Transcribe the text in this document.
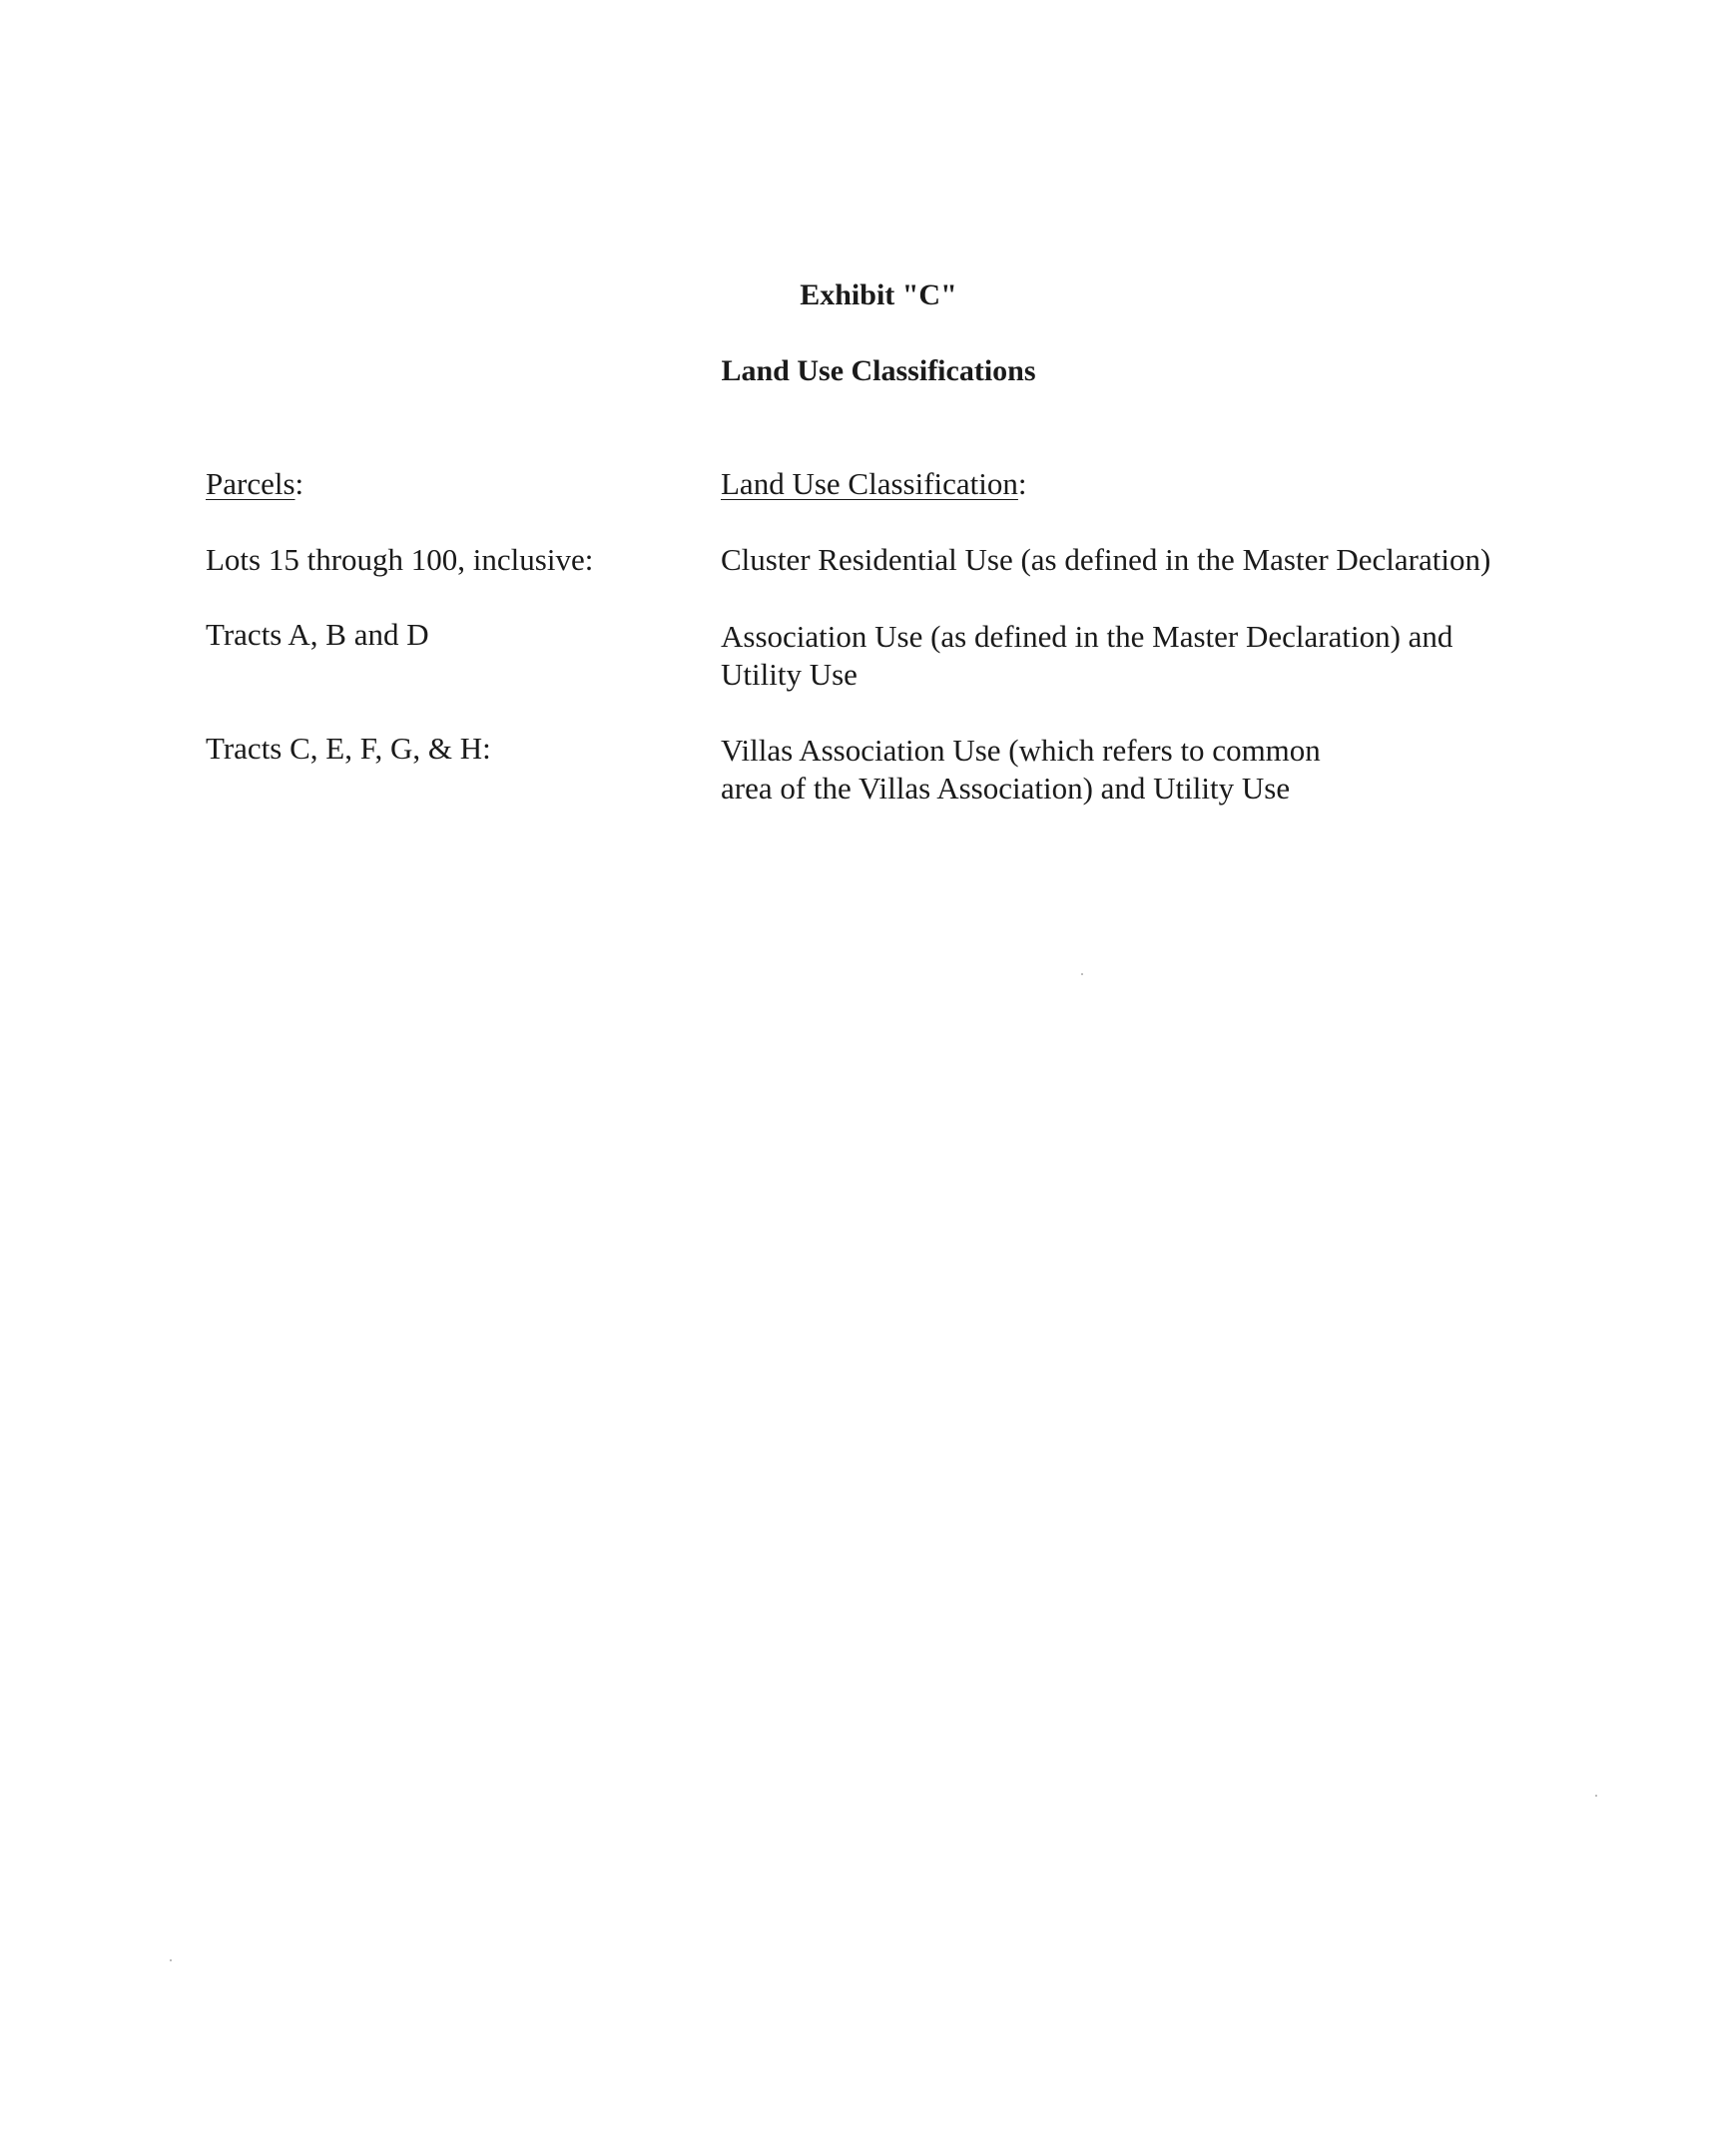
Exhibit "C"
Land Use Classifications
Parcels:	Land Use Classification:
Lots 15 through 100, inclusive:	Cluster Residential Use (as defined in the Master Declaration)
Tracts A, B and D	Association Use (as defined in the Master Declaration) and
Utility Use
Tracts C, E, F, G, & H:	Villas Association Use (which refers to common
area of the Villas Association) and Utility Use
